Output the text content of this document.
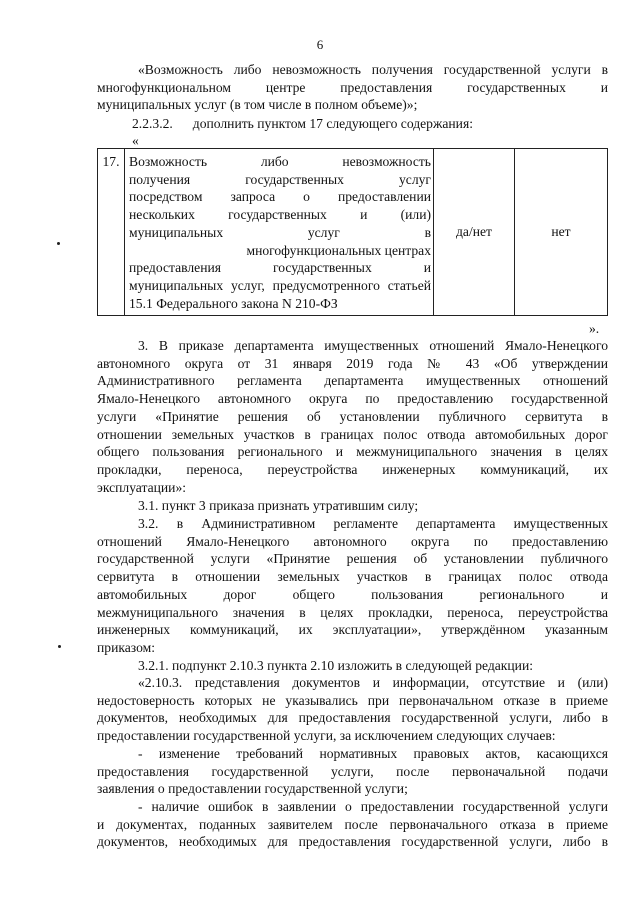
6
«Возможность либо невозможность получения государственной услуги в
многофункциональном центре предоставления государственных и
муниципальных услуг (в том числе в полном объеме)»;
2.2.3.2. дополнить пунктом 17 следующего содержания:
«
17.	Возможность либо невозможность
получения государственных услуг
посредством запроса о предоставлении
нескольких государственных и (или)
муниципальных услуг в
многофункциональных центрах
предоставления государственных и
муниципальных услуг, предусмотренного статьей 15.1 Федерального закона N 210-ФЗ
	да/нет	нет
».
3. В приказе департамента имущественных отношений Ямало-Ненецкого
автономного округа от 31 января 2019 года № 43 «Об утверждении
Административного регламента департамента имущественных отношений
Ямало-Ненецкого автономного округа по предоставлению государственной
услуги «Принятие решения об установлении публичного сервитута в
отношении земельных участков в границах полос отвода автомобильных дорог
общего пользования регионального и межмуниципального значения в целях
прокладки, переноса, переустройства инженерных коммуникаций, их
эксплуатации»:
3.1. пункт 3 приказа признать утратившим силу;
3.2. в Административном регламенте департамента имущественных
отношений Ямало-Ненецкого автономного округа по предоставлению
государственной услуги «Принятие решения об установлении публичного
сервитута в отношении земельных участков в границах полос отвода
автомобильных дорог общего пользования регионального и
межмуниципального значения в целях прокладки, переноса, переустройства
инженерных коммуникаций, их эксплуатации», утверждённом указанным
приказом:
3.2.1. подпункт 2.10.3 пункта 2.10 изложить в следующей редакции:
«2.10.3. представления документов и информации, отсутствие и (или)
недостоверность которых не указывались при первоначальном отказе в приеме
документов, необходимых для предоставления государственной услуги, либо в
предоставлении государственной услуги, за исключением следующих случаев:
- изменение требований нормативных правовых актов, касающихся
предоставления государственной услуги, после первоначальной подачи
заявления о предоставлении государственной услуги;
- наличие ошибок в заявлении о предоставлении государственной услуги
и документах, поданных заявителем после первоначального отказа в приеме
документов, необходимых для предоставления государственной услуги, либо в
